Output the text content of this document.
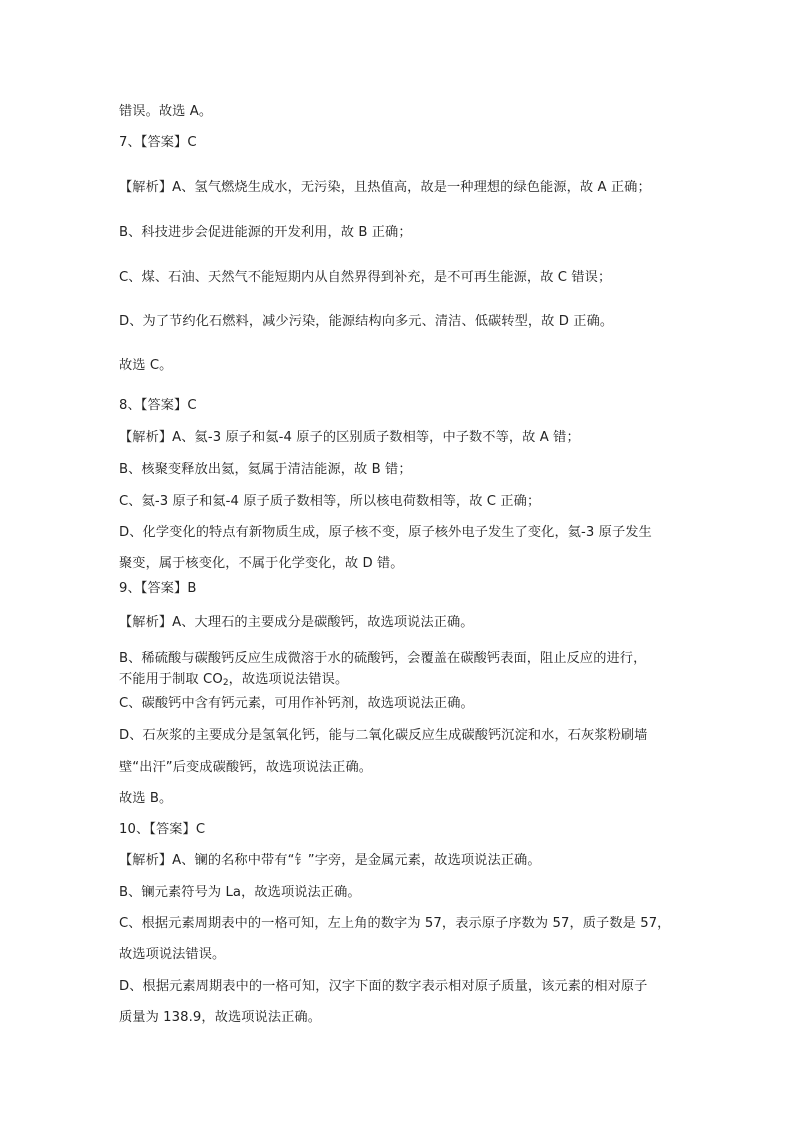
错误。故选 A。
7、【答案】C
【解析】A、氢气燃烧生成水，无污染，且热值高，故是一种理想的绿色能源，故 A 正确；
B、科技进步会促进能源的开发利用，故 B 正确；
C、煤、石油、天然气不能短期内从自然界得到补充，是不可再生能源，故 C 错误；
D、为了节约化石燃料，减少污染，能源结构向多元、清洁、低碳转型，故 D 正确。
故选 C。
8、【答案】C
【解析】A、氦-3 原子和氦-4 原子的区别质子数相等，中子数不等，故 A 错；
B、核聚变释放出氦，氦属于清洁能源，故 B 错；
C、氦-3 原子和氦-4 原子质子数相等，所以核电荷数相等，故 C 正确；
D、化学变化的特点有新物质生成，原子核不变，原子核外电子发生了变化，氦-3 原子发生
聚变，属于核变化，不属于化学变化，故 D 错。
9、【答案】B
【解析】A、大理石的主要成分是碳酸钙，故选项说法正确。
B、稀硫酸与碳酸钙反应生成微溶于水的硫酸钙，会覆盖在碳酸钙表面，阻止反应的进行，
不能用于制取 CO2，故选项说法错误。
C、碳酸钙中含有钙元素，可用作补钙剂，故选项说法正确。
D、石灰浆的主要成分是氢氧化钙，能与二氧化碳反应生成碳酸钙沉淀和水，石灰浆粉刷墙
壁“出汗”后变成碳酸钙，故选项说法正确。
故选 B。
10、【答案】C
【解析】A、镧的名称中带有“钅”字旁，是金属元素，故选项说法正确。
B、镧元素符号为 La，故选项说法正确。
C、根据元素周期表中的一格可知，左上角的数字为 57，表示原子序数为 57，质子数是 57，
故选项说法错误。
D、根据元素周期表中的一格可知，汉字下面的数字表示相对原子质量，该元素的相对原子
质量为 138.9，故选项说法正确。
